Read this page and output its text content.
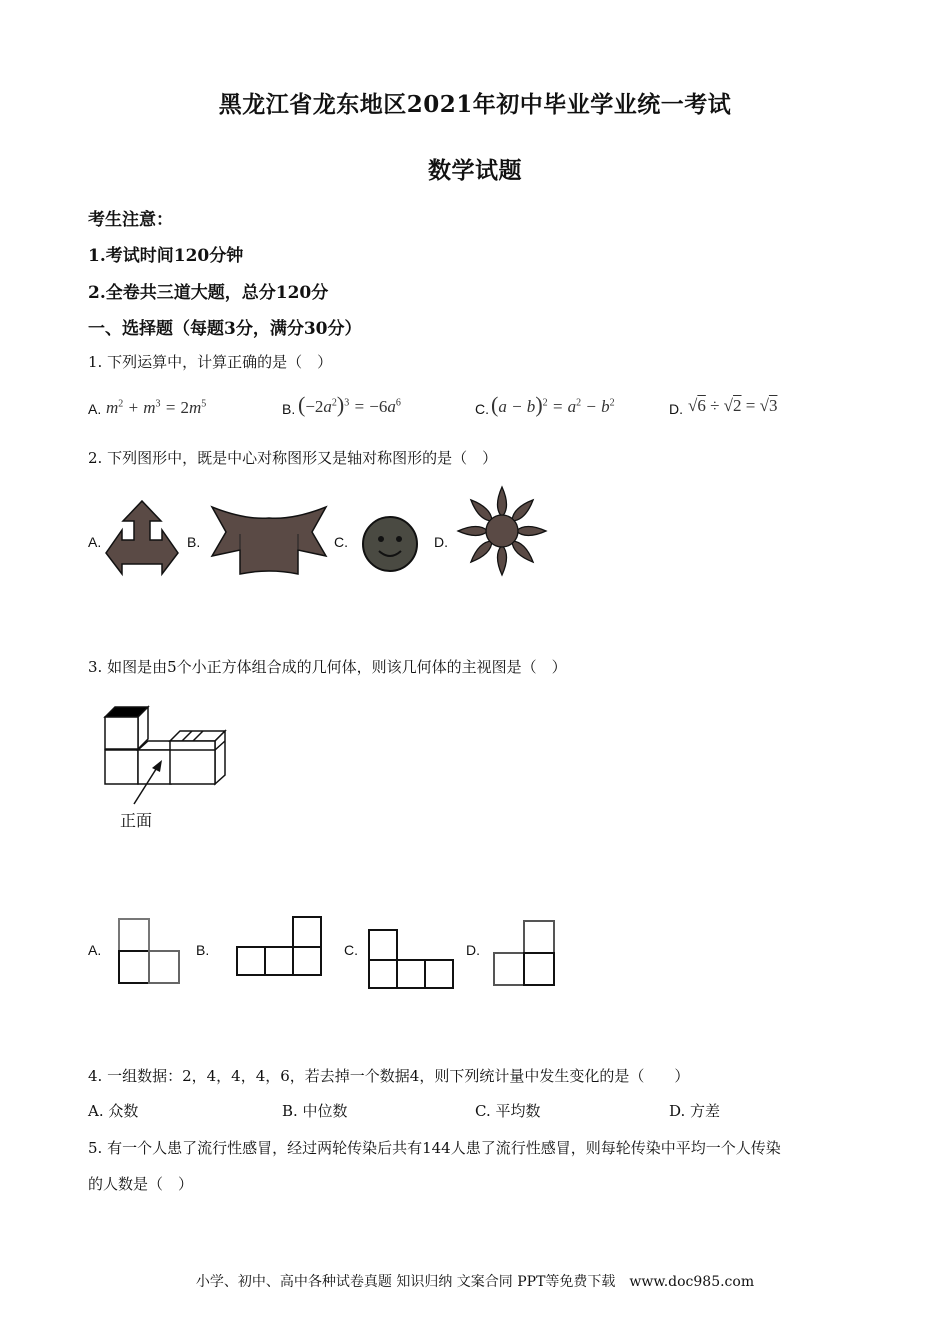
黑龙江省龙东地区2021年初中毕业学业统一考试
数学试题
考生注意：
1.考试时间120分钟
2.全卷共三道大题，总分120分
一、选择题（每题3分，满分30分）
1. 下列运算中，计算正确的是（　）
A. $m^2 + m^3 = 2m^5$	B. $(-2a^2)^3 = -6a^6$	C. $(a - b)^2 = a^2 - b^2$	D. √6 ÷ √2 = √3
2. 下列图形中，既是中心对称图形又是轴对称图形的是（　）
A.	B.	C.	D.
3. 如图是由5个小正方体组合成的几何体，则该几何体的主视图是（　）
正面
A.	B.	C.	D.
4. 一组数据：2，4，4，4，6，若去掉一个数据4，则下列统计量中发生变化的是（　　）
A. 众数	B. 中位数	C. 平均数	D. 方差
5. 有一个人患了流行性感冒，经过两轮传染后共有144人患了流行性感冒，则每轮传染中平均一个人传染
的人数是（　）
小学、初中、高中各种试卷真题 知识归纳 文案合同 PPT等免费下载　www.doc985.com
